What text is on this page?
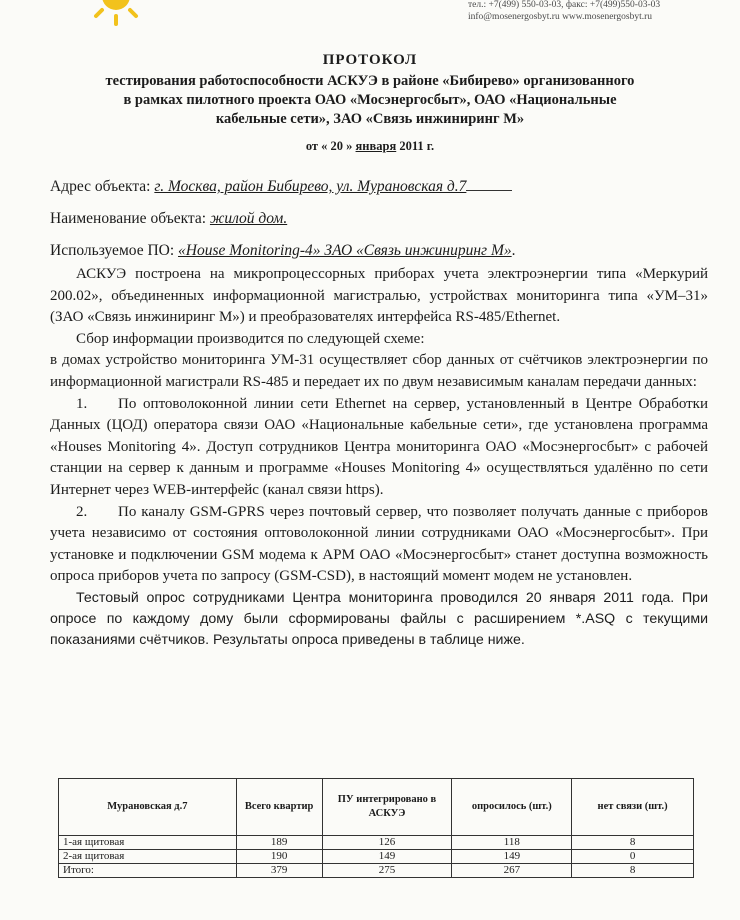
тел.: +7(499) 550-03-03, факс: +7(499)550-03-03
info@mosenergosbyt.ru www.mosenergosbyt.ru
ПРОТОКОЛ
тестирования работоспособности АСКУЭ в районе «Бибирево» организованного
в рамках пилотного проекта ОАО «Мосэнергосбыт», ОАО «Национальные
кабельные сети», ЗАО «Связь инжиниринг М»
от « 20 » января 2011 г.
Адрес объекта: г. Москва, район Бибирево, ул. Мурановская д.7
Наименование объекта: жилой дом.
Используемое ПО: «House Monitoring-4» ЗАО «Связь инжиниринг М».

АСКУЭ построена на микропроцессорных приборах учета электроэнергии типа «Меркурий 200.02», объединенных информационной магистралью, устройствах мониторинга типа «УМ–31» (ЗАО «Связь инжиниринг М») и преобразователях интерфейса RS-485/Ethernet.

Сбор информации производится по следующей схеме:

в домах устройство мониторинга УМ-31 осуществляет сбор данных от счётчиков электроэнергии по информационной магистрали RS-485 и передает их по двум независимым каналам передачи данных:

1. По оптоволоконной линии сети Ethernet на сервер, установленный в Центре Обработки Данных (ЦОД) оператора связи ОАО «Национальные кабельные сети», где установлена программа «Houses Monitoring 4». Доступ сотрудников Центра мониторинга ОАО «Мосэнергосбыт» с рабочей станции на сервер к данным и программе «Houses Monitoring 4» осуществляться удалённо по сети Интернет через WEB-интерфейс (канал связи https).

2. По каналу GSM-GPRS через почтовый сервер, что позволяет получать данные с приборов учета независимо от состояния оптоволоконной линии сотрудниками ОАО «Мосэнергосбыт». При установке и подключении GSM модема к АРМ ОАО «Мосэнергосбыт» станет доступна возможность опроса приборов учета по запросу (GSM-CSD), в настоящий момент модем не установлен.

Тестовый опрос сотрудниками Центра мониторинга проводился 20 января 2011 года. При опросе по каждому дому были сформированы файлы с расширением *.ASQ с текущими показаниями счётчиков. Результаты опроса приведены в таблице ниже.

Мурановская д.7	Всего квартир	ПУ интегрировано в АСКУЭ	опросилось (шт.)	нет связи (шт.)
1-ая щитовая	189	126	118	8
2-ая щитовая	190	149	149	0
Итого:	379	275	267	8
